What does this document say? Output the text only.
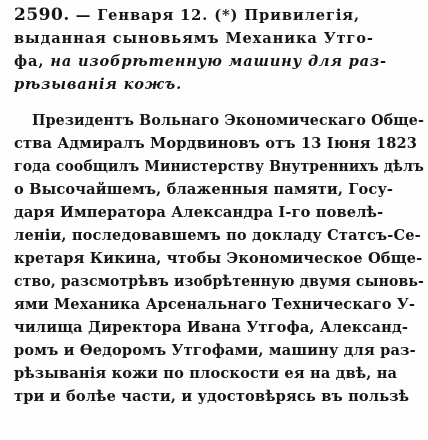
2590. — Генваря 12. (*) Привилегія,
выданная сыновьямъ Механика Утго-
фа, на изобрѣтенную машину для раз-
рѣзыванія кожъ.
Президентъ Вольнаго Экономическаго Обще-
ства Адмиралъ Мордвиновъ отъ 13 Іюня 1823
года сообщилъ Министерству Внутреннихъ дѣлъ
о Высочайшемъ, блаженныя памяти, Госу-
даря Императора Александра I-го повелѣ-
ленiи, последовавшемъ по докладу Статсъ-Се-
кретаря Кикина, чтобы Экономическое Обще-
ство, разсмотрѣвъ изобрѣтенную двумя сыновь-
ями Механика Арсенальнаго Техническаго У-
чилища Директора Ивана Утгофа, Александ-
ромъ и Өедоромъ Утгофами, машину для раз-
рѣзыванія кожи по плоскости ея на двѣ, на
три и болѣе части, и удостовѣрясь въ пользѣ
